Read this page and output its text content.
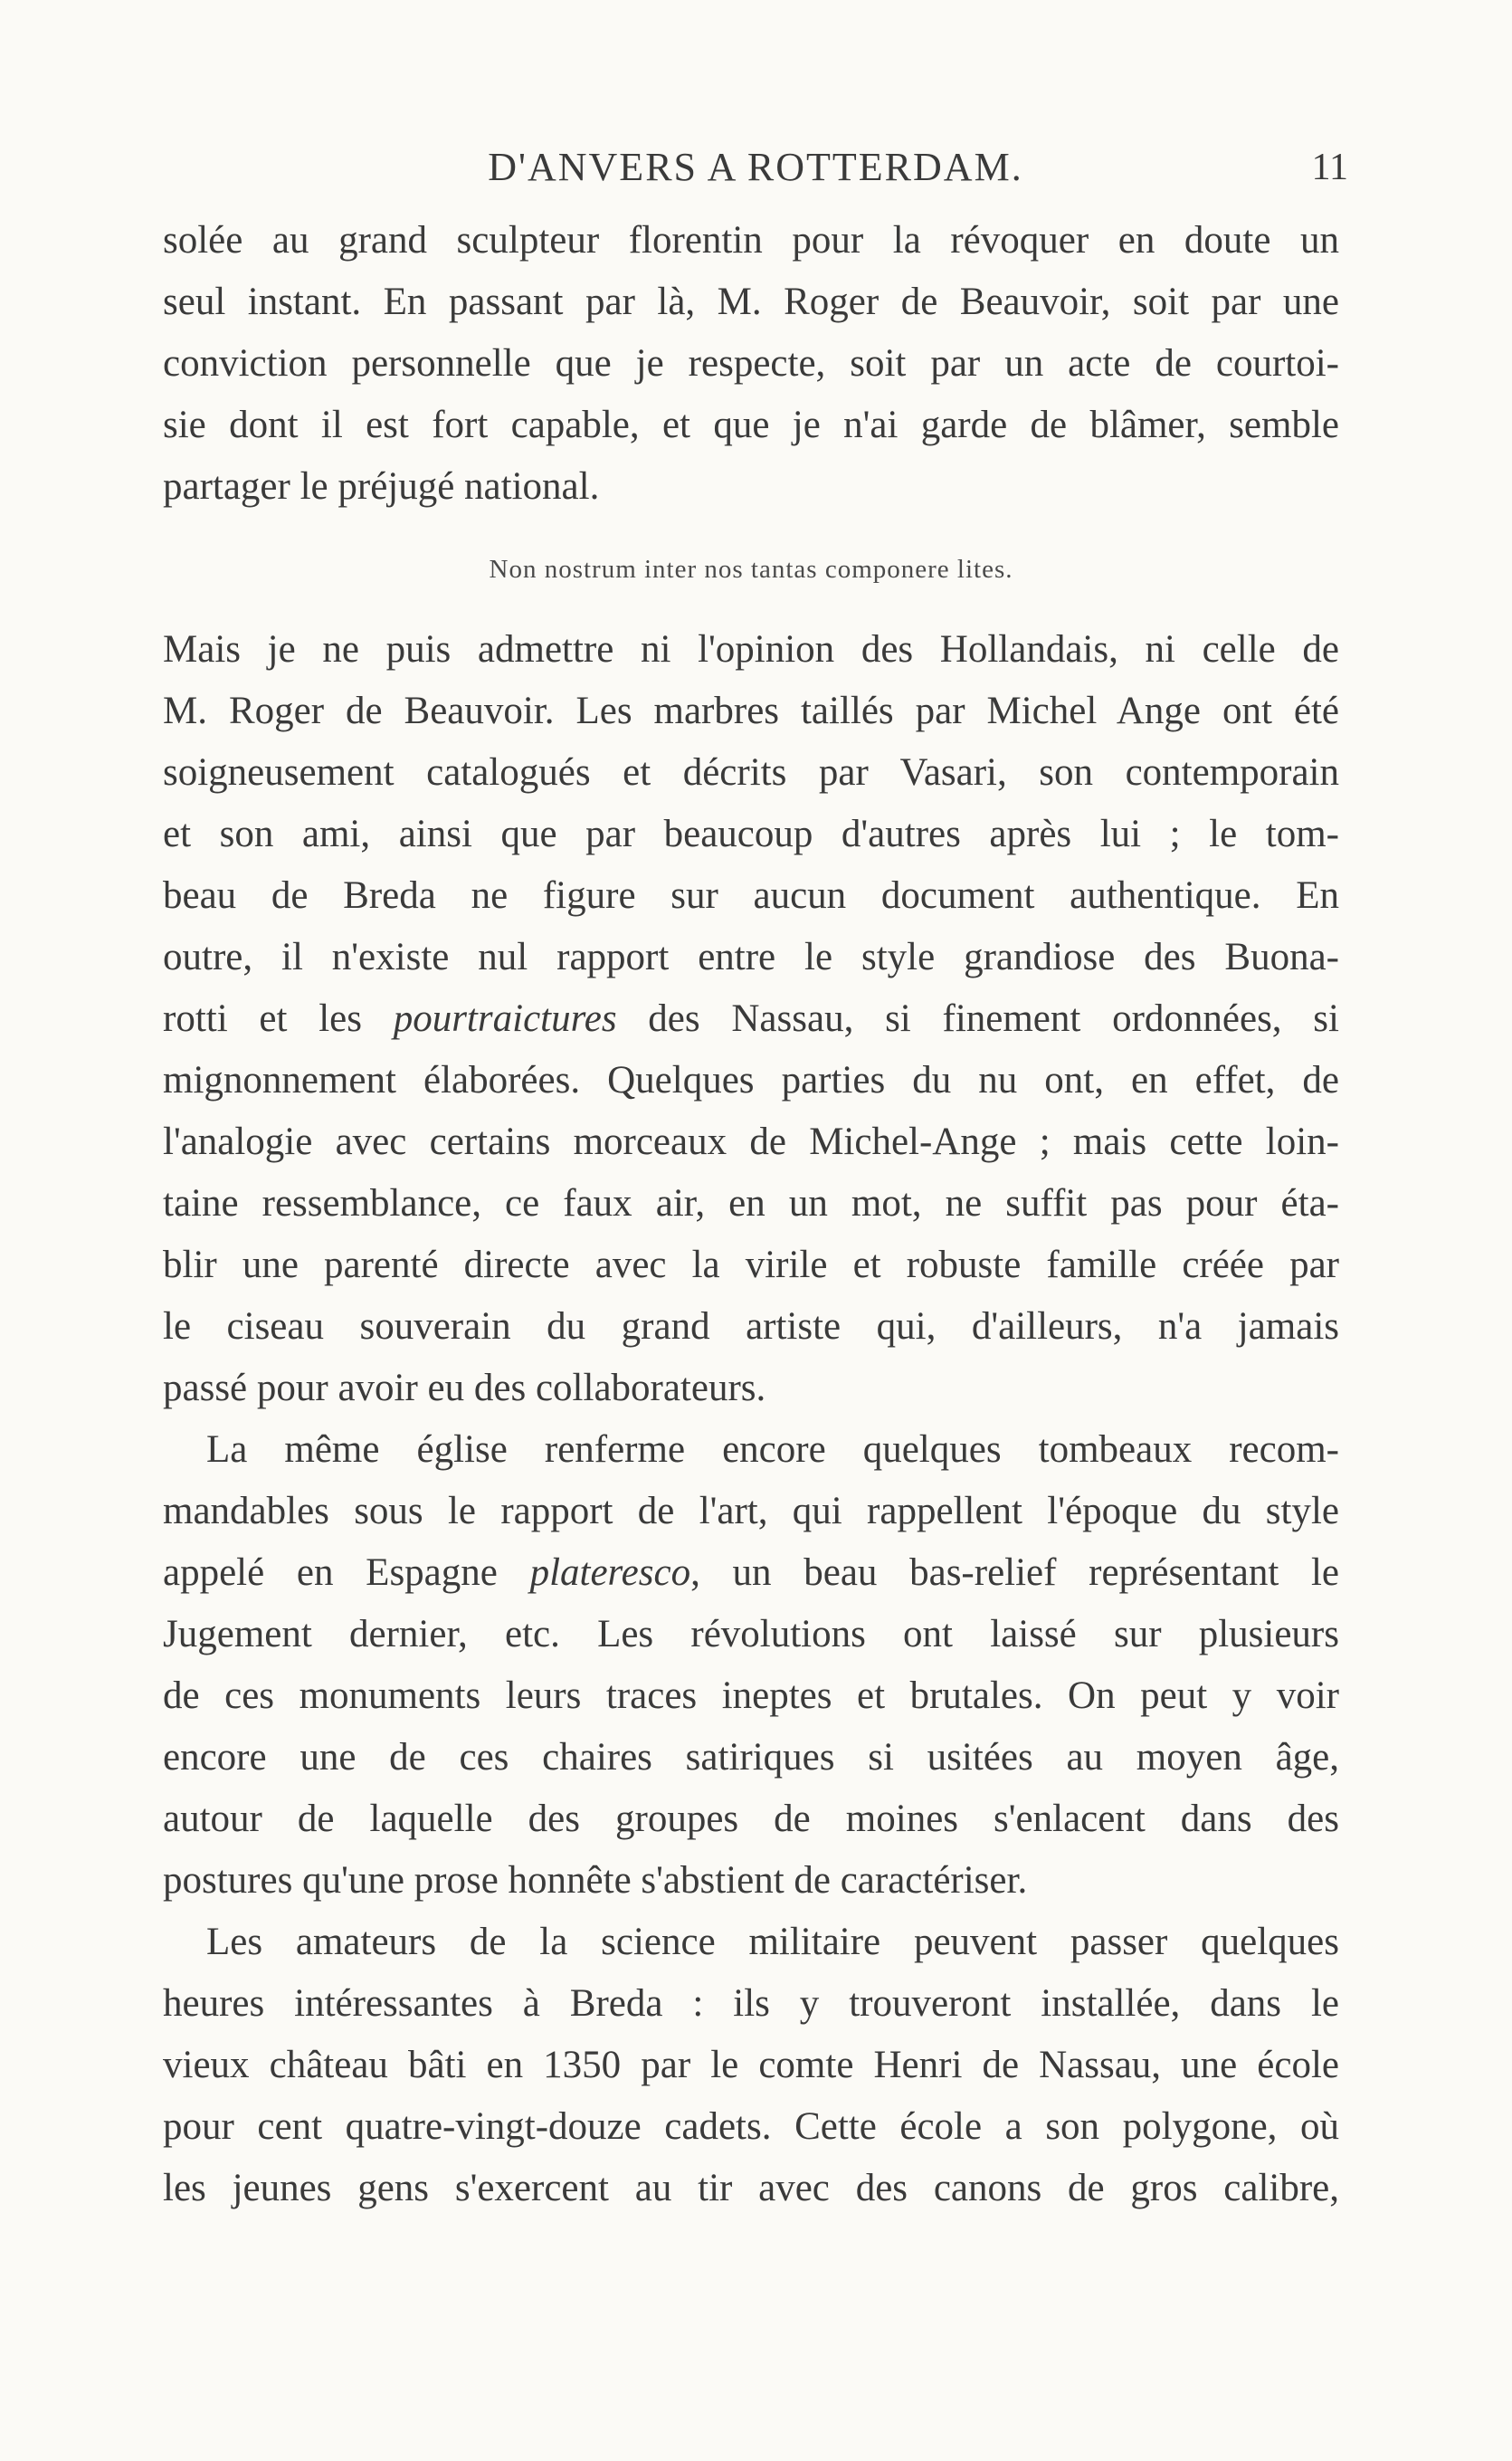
D'ANVERS A ROTTERDAM.	11
solée au grand sculpteur florentin pour la révoquer en doute un
seul instant. En passant par là, M. Roger de Beauvoir, soit par une
conviction personnelle que je respecte, soit par un acte de courtoi-
sie dont il est fort capable, et que je n'ai garde de blâmer, semble
partager le préjugé national.
Non nostrum inter nos tantas componere lites.
Mais je ne puis admettre ni l'opinion des Hollandais, ni celle de
M. Roger de Beauvoir. Les marbres taillés par Michel Ange ont été
soigneusement catalogués et décrits par Vasari, son contemporain
et son ami, ainsi que par beaucoup d'autres après lui ; le tom-
beau de Breda ne figure sur aucun document authentique. En
outre, il n'existe nul rapport entre le style grandiose des Buona-
rotti et les pourtraictures des Nassau, si finement ordonnées, si
mignonnement élaborées. Quelques parties du nu ont, en effet, de
l'analogie avec certains morceaux de Michel-Ange ; mais cette loin-
taine ressemblance, ce faux air, en un mot, ne suffit pas pour éta-
blir une parenté directe avec la virile et robuste famille créée par
le ciseau souverain du grand artiste qui, d'ailleurs, n'a jamais
passé pour avoir eu des collaborateurs.
La même église renferme encore quelques tombeaux recom-
mandables sous le rapport de l'art, qui rappellent l'époque du style
appelé en Espagne plateresco, un beau bas-relief représentant le
Jugement dernier, etc. Les révolutions ont laissé sur plusieurs
de ces monuments leurs traces ineptes et brutales. On peut y voir
encore une de ces chaires satiriques si usitées au moyen âge,
autour de laquelle des groupes de moines s'enlacent dans des
postures qu'une prose honnête s'abstient de caractériser.
Les amateurs de la science militaire peuvent passer quelques
heures intéressantes à Breda : ils y trouveront installée, dans le
vieux château bâti en 1350 par le comte Henri de Nassau, une école
pour cent quatre-vingt-douze cadets. Cette école a son polygone, où
les jeunes gens s'exercent au tir avec des canons de gros calibre,
